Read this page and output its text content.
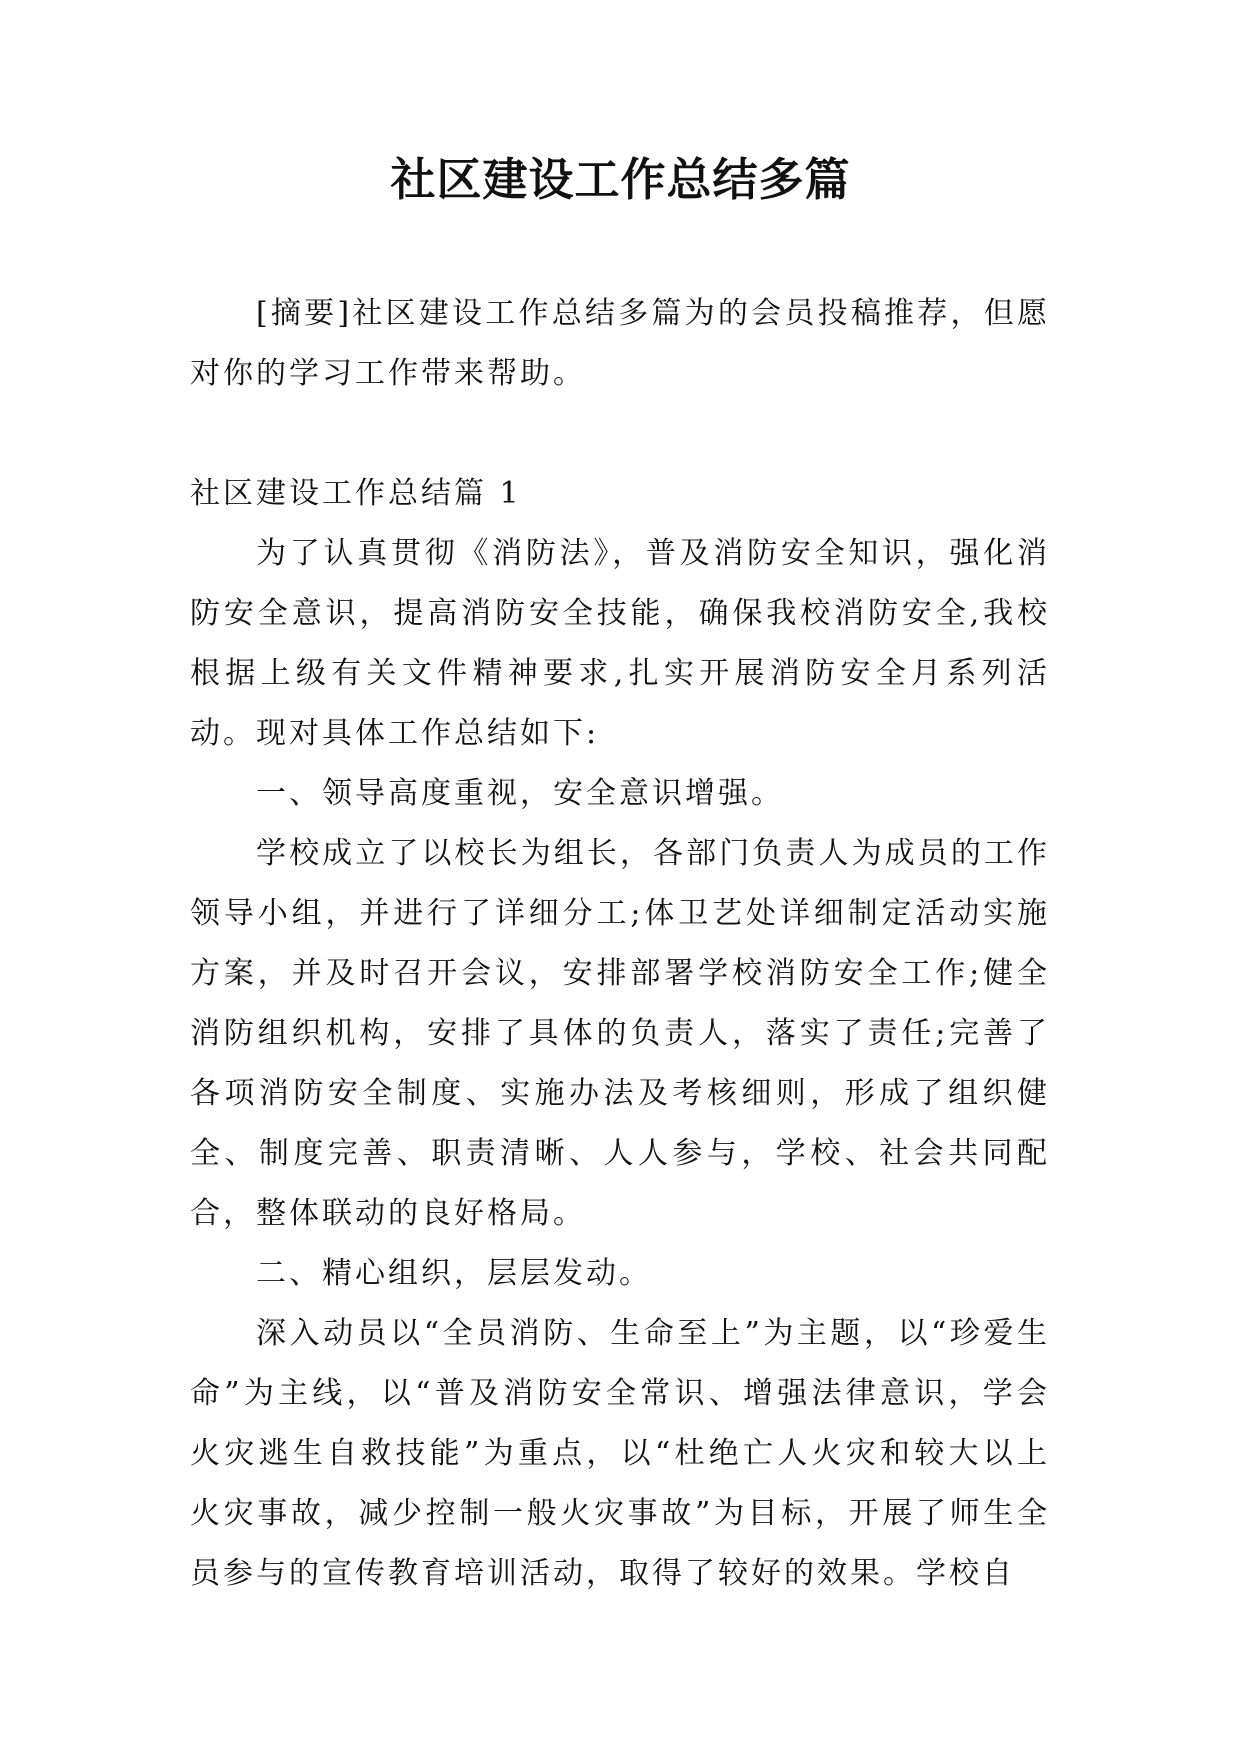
社区建设工作总结多篇

[摘要]社区建设工作总结多篇为的会员投稿推荐，但愿对你的学习工作带来帮助。

社区建设工作总结篇 1

为了认真贯彻《消防法》，普及消防安全知识，强化消防安全意识，提高消防安全技能，确保我校消防安全,我校根据上级有关文件精神要求,扎实开展消防安全月系列活动。现对具体工作总结如下:

一、领导高度重视，安全意识增强。

学校成立了以校长为组长，各部门负责人为成员的工作领导小组，并进行了详细分工;体卫艺处详细制定活动实施方案，并及时召开会议，安排部署学校消防安全工作;健全消防组织机构，安排了具体的负责人，落实了责任;完善了各项消防安全制度、实施办法及考核细则，形成了组织健全、制度完善、职责清晰、人人参与，学校、社会共同配合，整体联动的良好格局。

二、精心组织，层层发动。

深入动员以“全员消防、生命至上”为主题，以“珍爱生命”为主线，以“普及消防安全常识、增强法律意识，学会火灾逃生自救技能”为重点，以“杜绝亡人火灾和较大以上火灾事故，减少控制一般火灾事故”为目标，开展了师生全员参与的宣传教育培训活动，取得了较好的效果。学校自
